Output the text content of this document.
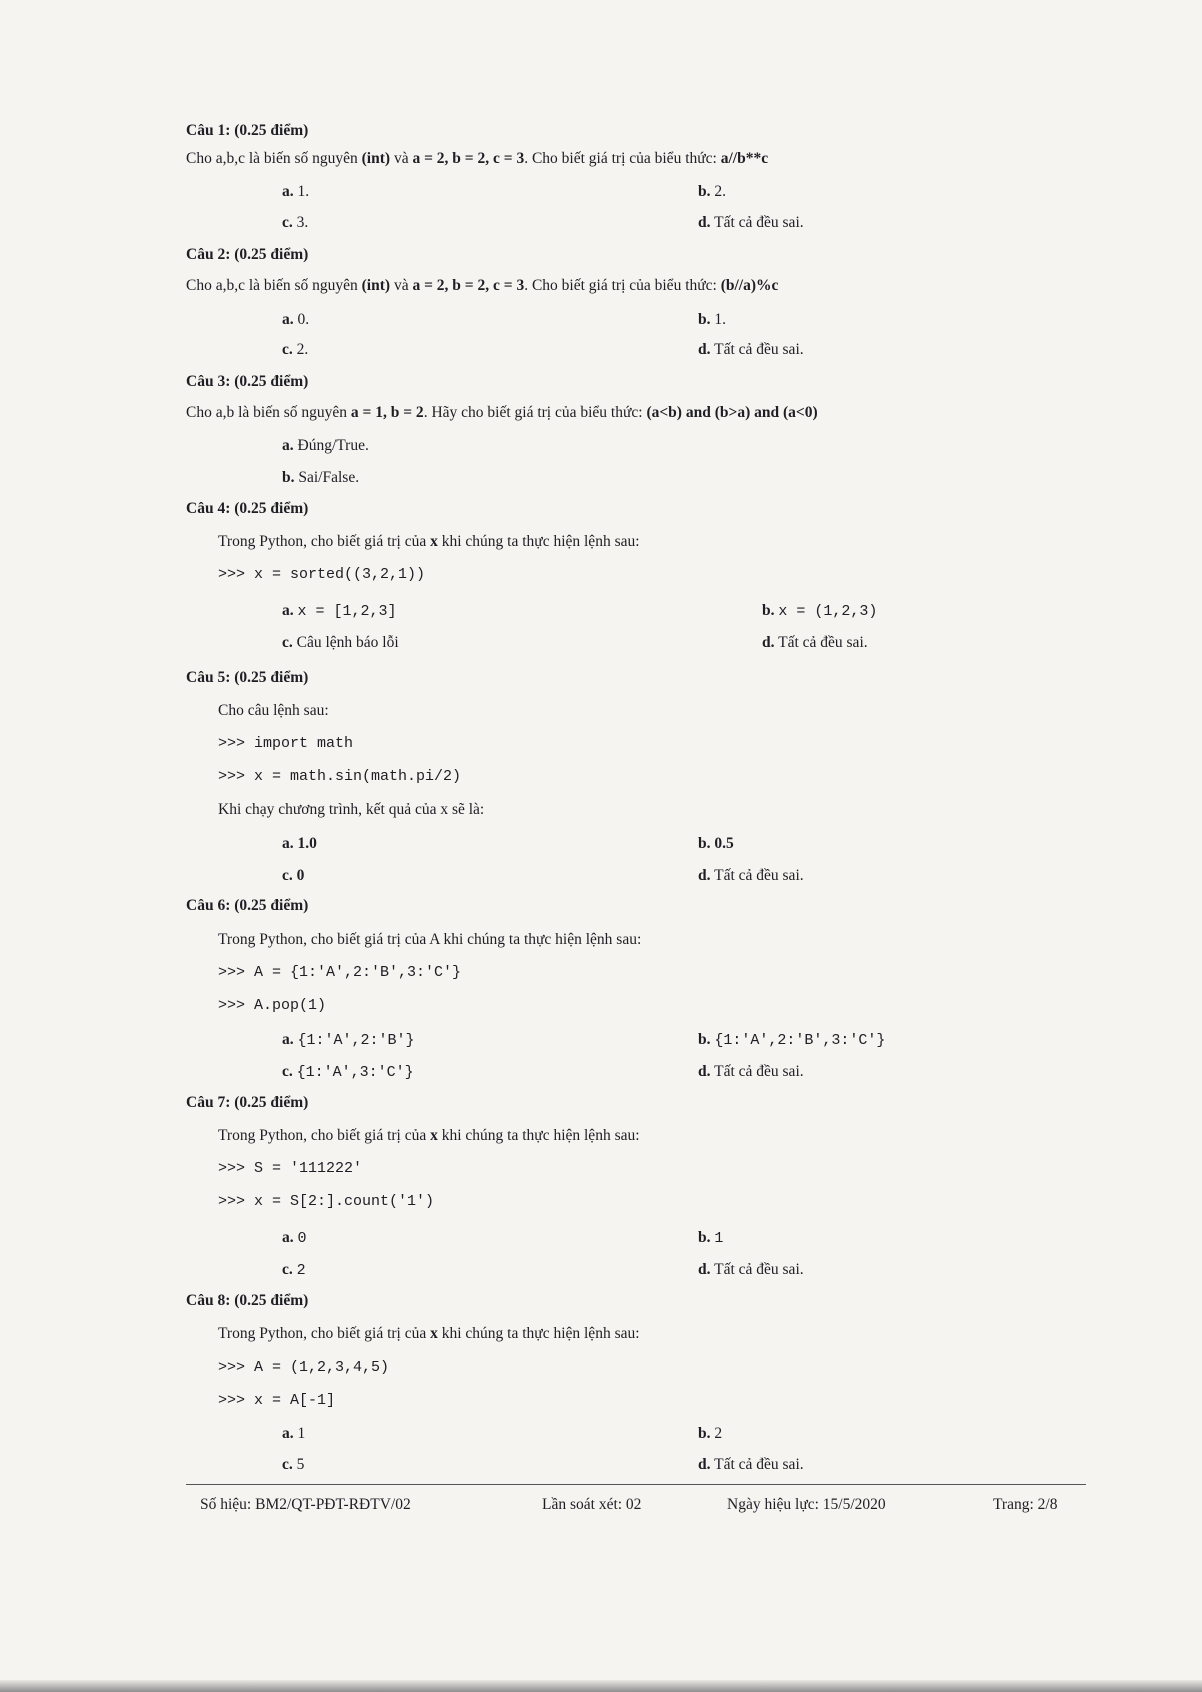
Câu 1: (0.25 điểm)
Cho a,b,c là biến số nguyên (int) và a = 2, b = 2, c = 3. Cho biết giá trị của biểu thức: a//b**c
a. 1.	b. 2.
c. 3.	d. Tất cả đều sai.
Câu 2: (0.25 điểm)
Cho a,b,c là biến số nguyên (int) và a = 2, b = 2, c = 3. Cho biết giá trị của biểu thức: (b//a)%c
a. 0.	b. 1.
c. 2.	d. Tất cả đều sai.
Câu 3: (0.25 điểm)
Cho a,b là biến số nguyên a = 1, b = 2. Hãy cho biết giá trị của biểu thức: (a<b) and (b>a) and (a<0)
a. Đúng/True.
b. Sai/False.
Câu 4: (0.25 điểm)
Trong Python, cho biết giá trị của x khi chúng ta thực hiện lệnh sau:
>>> x = sorted((3,2,1))
a. x = [1,2,3]	b. x = (1,2,3)
c. Câu lệnh báo lỗi	d. Tất cả đều sai.
Câu 5: (0.25 điểm)
Cho câu lệnh sau:
>>> import math
>>> x = math.sin(math.pi/2)
Khi chạy chương trình, kết quả của x sẽ là:
a. 1.0	b. 0.5
c. 0	d. Tất cả đều sai.
Câu 6: (0.25 điểm)
Trong Python, cho biết giá trị của A khi chúng ta thực hiện lệnh sau:
>>> A = {1:'A',2:'B',3:'C'}
>>> A.pop(1)
a. {1:'A',2:'B'}	b. {1:'A',2:'B',3:'C'}
c. {1:'A',3:'C'}	d. Tất cả đều sai.
Câu 7: (0.25 điểm)
Trong Python, cho biết giá trị của x khi chúng ta thực hiện lệnh sau:
>>> S = '111222'
>>> x = S[2:].count('1')
a. 0	b. 1
c. 2	d. Tất cả đều sai.
Câu 8: (0.25 điểm)
Trong Python, cho biết giá trị của x khi chúng ta thực hiện lệnh sau:
>>> A = (1,2,3,4,5)
>>> x = A[-1]
a. 1	b. 2
c. 5	d. Tất cả đều sai.
Số hiệu: BM2/QT-PĐT-RĐTV/02	Lần soát xét: 02	Ngày hiệu lực: 15/5/2020	Trang: 2/8
